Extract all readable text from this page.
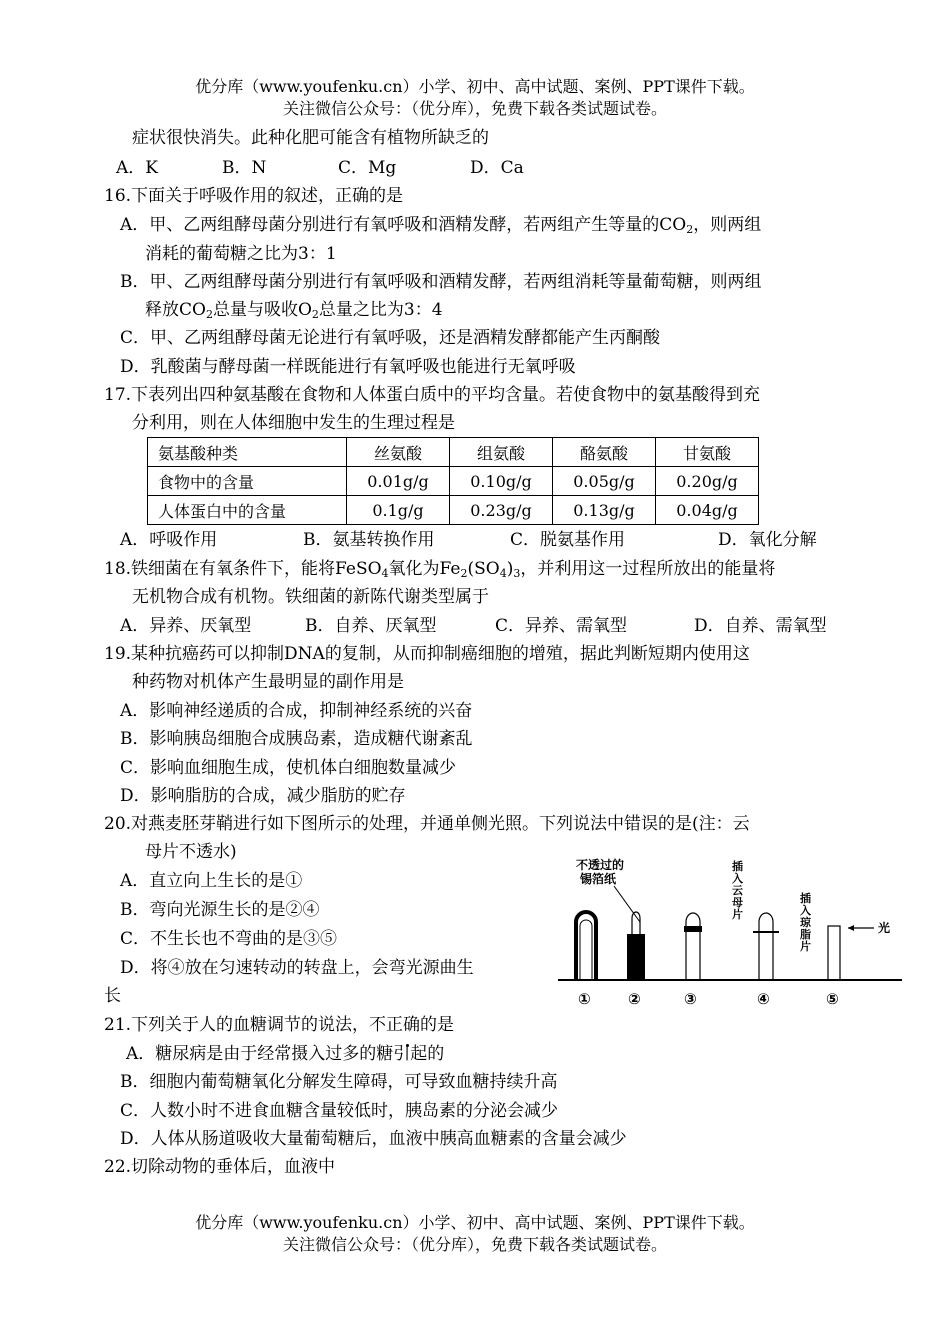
优分库（www.youfenku.cn）小学、初中、高中试题、案例、PPT课件下载。
关注微信公众号：（优分库），免费下载各类试题试卷。
症状很快消失。此种化肥可能含有植物所缺乏的
A．K	B．N	C．Mg	D．Ca
16.下面关于呼吸作用的叙述，正确的是
A．甲、乙两组酵母菌分别进行有氧呼吸和酒精发酵，若两组产生等量的$CO_2$，则两组
消耗的葡萄糖之比为3：1
B．甲、乙两组酵母菌分别进行有氧呼吸和酒精发酵，若两组消耗等量葡萄糖，则两组
释放$CO_2$总量与吸收$O_2$总量之比为3：4
C．甲、乙两组酵母菌无论进行有氧呼吸，还是酒精发酵都能产生丙酮酸
D．乳酸菌与酵母菌一样既能进行有氧呼吸也能进行无氧呼吸
17.下表列出四种氨基酸在食物和人体蛋白质中的平均含量。若使食物中的氨基酸得到充
分利用，则在人体细胞中发生的生理过程是
氨基酸种类	丝氨酸	组氨酸	酪氨酸	甘氨酸
食物中的含量	0.01g/g	0.10g/g	0.05g/g	0.20g/g
人体蛋白中的含量	0.1g/g	0.23g/g	0.13g/g	0.04g/g
A．呼吸作用	B．氨基转换作用	C．脱氨基作用	D．氧化分解
18.铁细菌在有氧条件下，能将FeSO$_4$氧化为$Fe_2(SO_4)_3$，并利用这一过程所放出的能量将
无机物合成有机物。铁细菌的新陈代谢类型属于
A．异养、厌氧型	B．自养、厌氧型	C．异养、需氧型	D．自养、需氧型
19.某种抗癌药可以抑制DNA的复制，从而抑制癌细胞的增殖，据此判断短期内使用这
种药物对机体产生最明显的副作用是
A．影响神经递质的合成，抑制神经系统的兴奋
B．影响胰岛细胞合成胰岛素，造成糖代谢紊乱
C．影响血细胞生成，使机体白细胞数量减少
D．影响脂肪的合成，减少脂肪的贮存
20.对燕麦胚芽鞘进行如下图所示的处理，并通单侧光照。下列说法中错误的是(注：云
母片不透水)
A．直立向上生长的是①
B．弯向光源生长的是②④
C．不生长也不弯曲的是③⑤
D．将④放在匀速转动的转盘上，会弯光源曲生
长
不透过的
锡箔纸
插
入
云
母
片
插
入
琼
脂
片
光
① ②	③	④	⑤
21.下列关于人的血糖调节的说法，不正确的是
A．糖尿病是由于经常摄入过多的糖引起的
B．细胞内葡萄糖氧化分解发生障碍，可导致血糖持续升高
C．人数小时不进食血糖含量较低时，胰岛素的分泌会减少
D．人体从肠道吸收大量葡萄糖后，血液中胰高血糖素的含量会减少
22.切除动物的垂体后，血液中
优分库（www.youfenku.cn）小学、初中、高中试题、案例、PPT课件下载。
关注微信公众号：（优分库），免费下载各类试题试卷。
